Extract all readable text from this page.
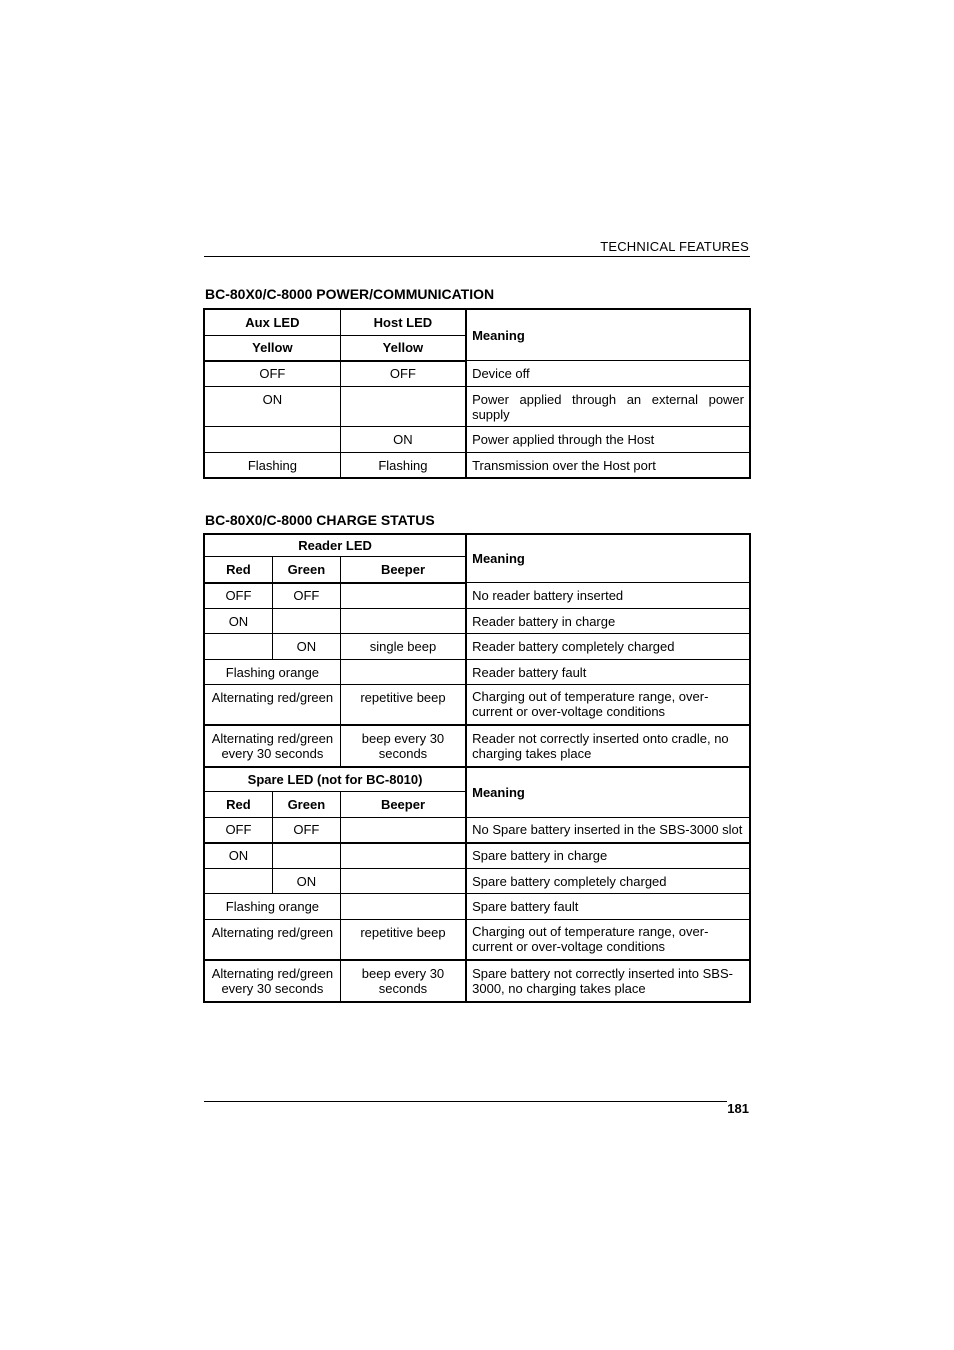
TECHNICAL FEATURES
BC-80X0/C-8000 POWER/COMMUNICATION
Aux LED	Host LED	Meaning
Yellow	Yellow	
OFF	OFF	Device off
ON		Power applied through an external power supply
	ON	Power applied through the Host
Flashing	Flashing	Transmission over the Host port
BC-80X0/C-8000 CHARGE STATUS
Reader LED			Meaning
Red	Green	Beeper	
OFF	OFF		No reader battery inserted
ON			Reader battery in charge
	ON	single beep	Reader battery completely charged
Flashing orange			Reader battery fault
Alternating red/green		repetitive beep	Charging out of temperature range, over-current or over-voltage conditions
Alternating red/green every 30 seconds		beep every 30 seconds	Reader not correctly inserted onto cradle, no charging takes place
Spare LED (not for BC-8010)			Meaning
Red	Green	Beeper	
OFF	OFF		No Spare battery inserted in the SBS-3000 slot
ON			Spare battery in charge
	ON		Spare battery completely charged
Flashing orange			Spare battery fault
Alternating red/green		repetitive beep	Charging out of temperature range, over-current or over-voltage conditions
Alternating red/green every 30 seconds		beep every 30 seconds	Spare battery not correctly inserted into SBS-3000, no charging takes place
181
